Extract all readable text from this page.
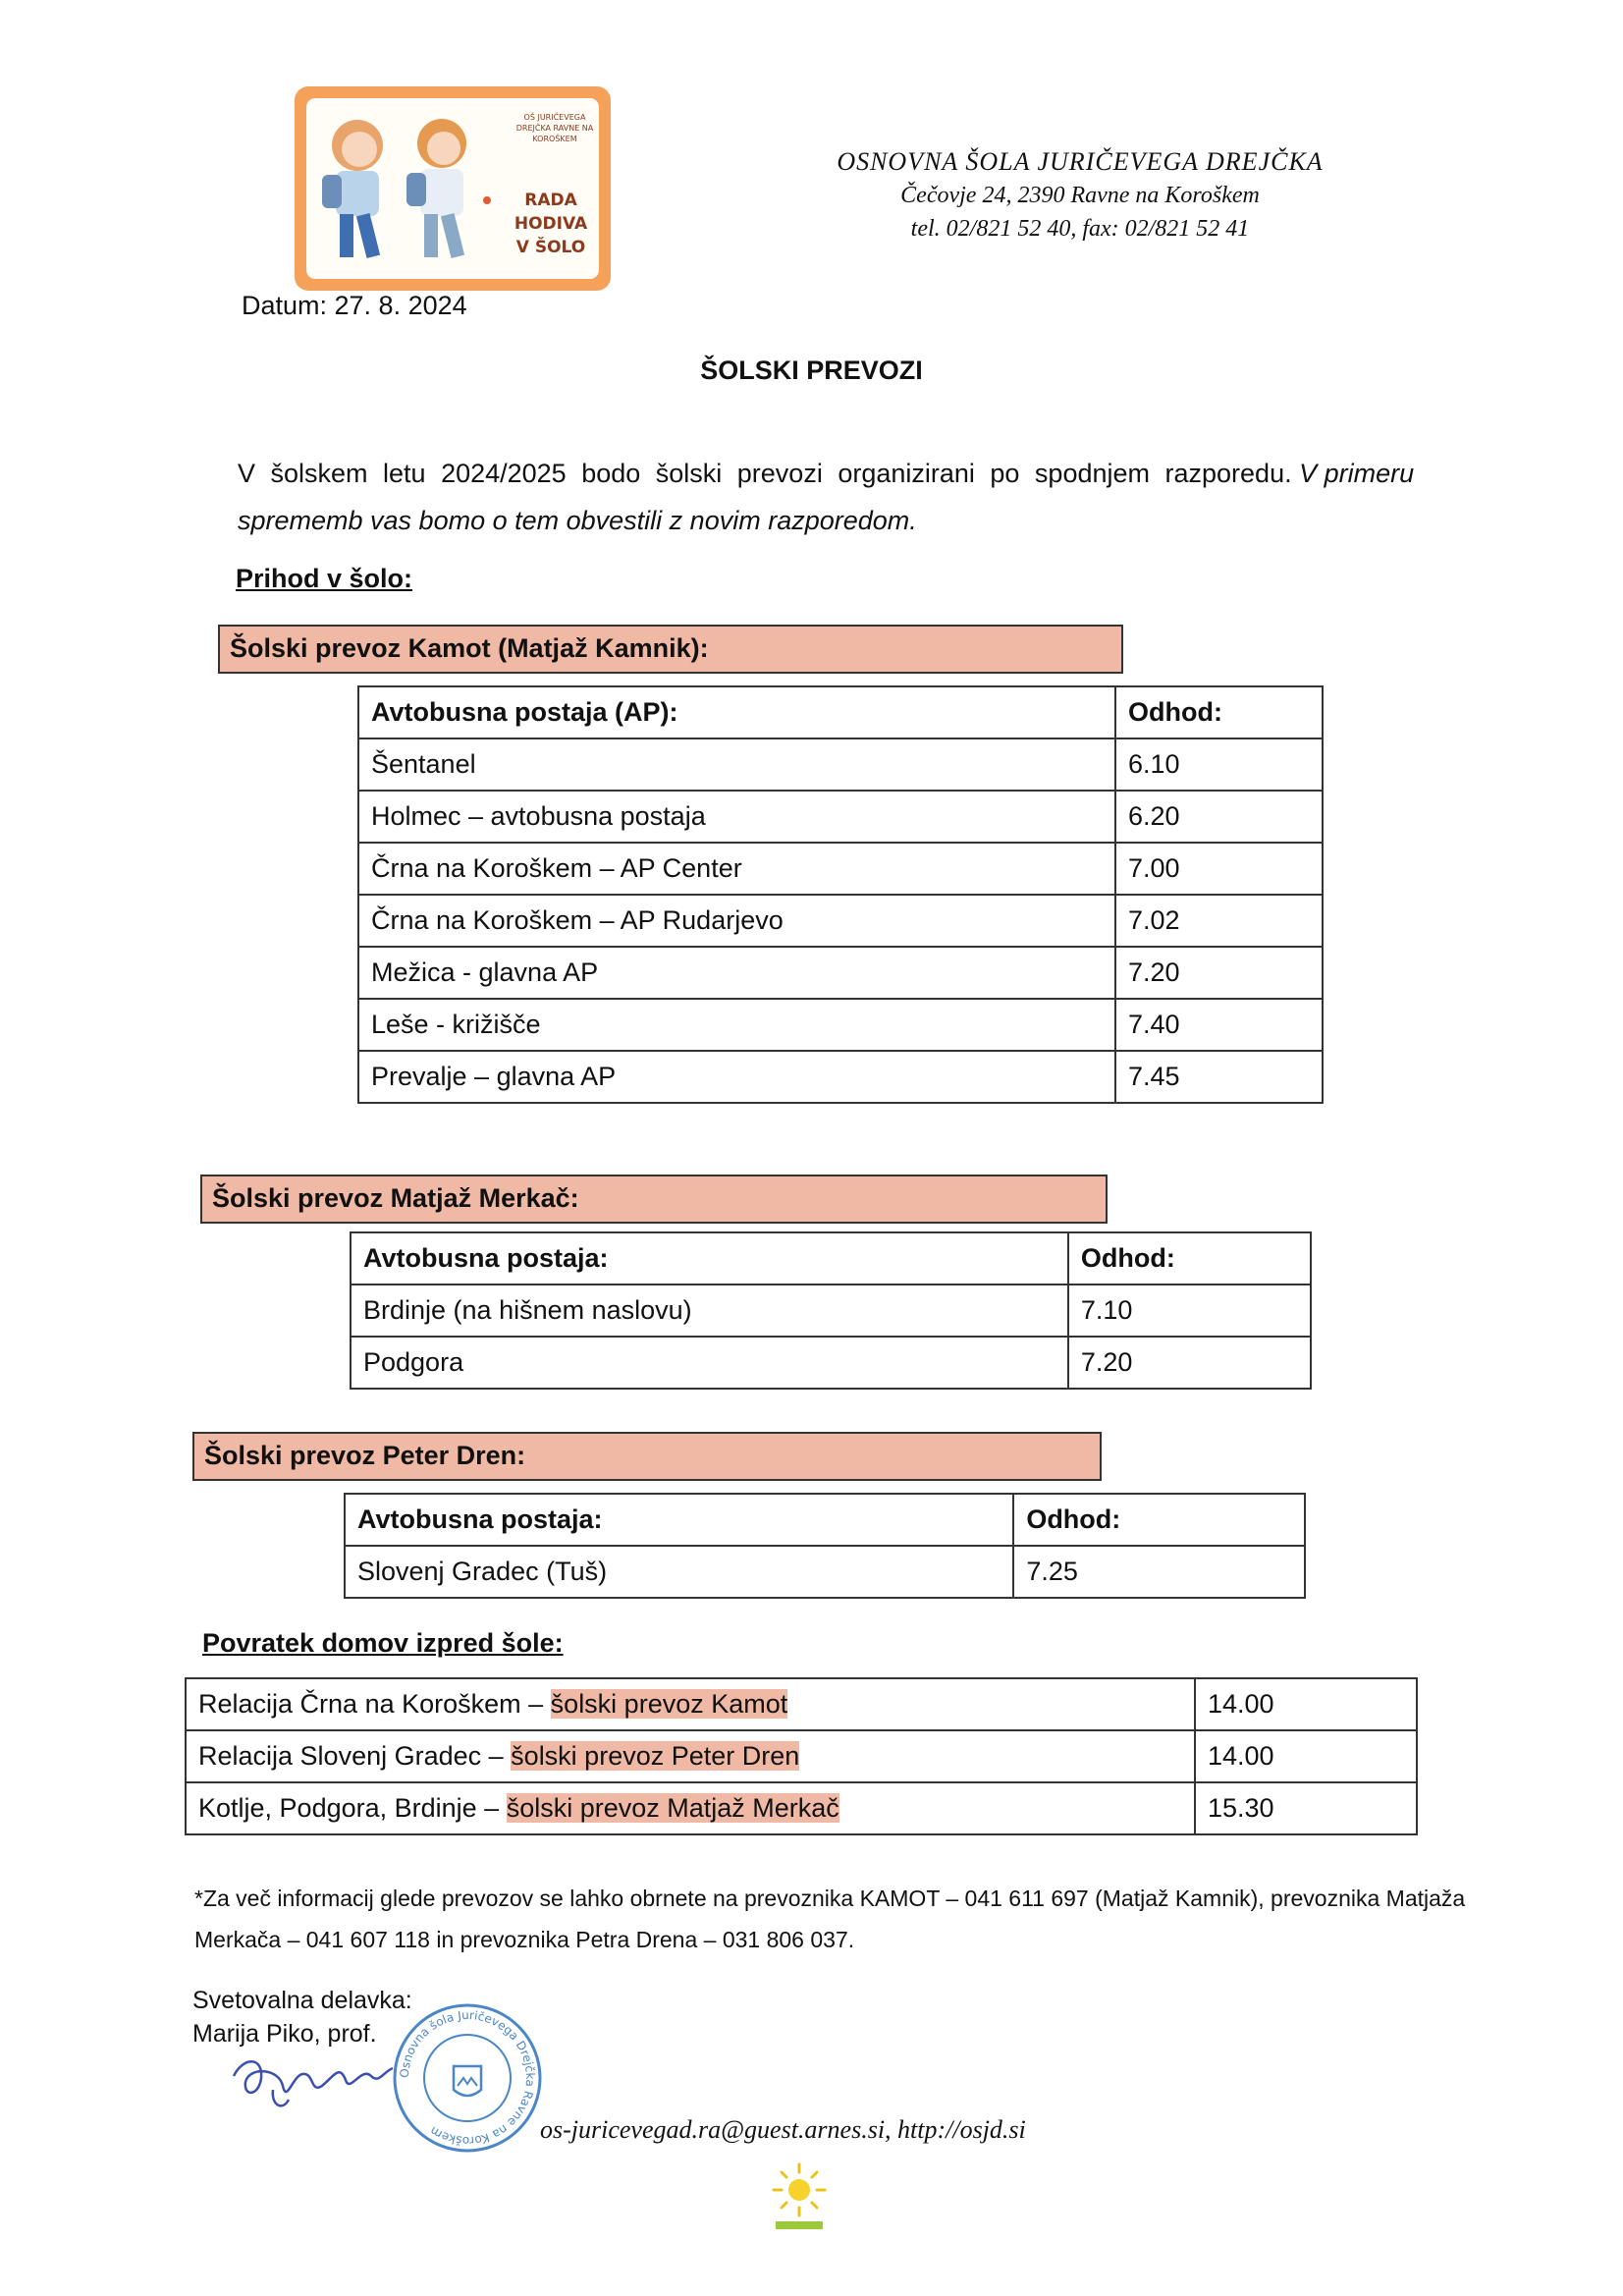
OŠ JURIČEVEGA DREJČKA RAVNE NA KOROŠKEM
RADA
HODIVA
V ŠOLO
OSNOVNA ŠOLA JURIČEVEGA DREJČKA
Čečovje 24, 2390 Ravne na Koroškem
tel. 02/821 52 40, fax: 02/821 52 41
Datum: 27. 8. 2024
ŠOLSKI PREVOZI
V šolskem letu 2024/2025 bodo šolski prevozi organizirani po spodnjem razporedu. V primeru sprememb vas bomo o tem obvestili z novim razporedom.
Prihod v šolo:
Šolski prevoz Kamot (Matjaž Kamnik):
Avtobusna postaja (AP):	Odhod:
Šentanel	6.10
Holmec – avtobusna postaja	6.20
Črna na Koroškem – AP Center	7.00
Črna na Koroškem – AP Rudarjevo	7.02
Mežica - glavna AP	7.20
Leše - križišče	7.40
Prevalje – glavna AP	7.45
Šolski prevoz Matjaž Merkač:
Avtobusna postaja:	Odhod:
Brdinje (na hišnem naslovu)	7.10
Podgora	7.20
Šolski prevoz Peter Dren:
Avtobusna postaja:	Odhod:
Slovenj Gradec (Tuš)	7.25
Povratek domov izpred šole:
Relacija Črna na Koroškem – šolski prevoz Kamot	14.00
Relacija Slovenj Gradec – šolski prevoz Peter Dren	14.00
Kotlje, Podgora, Brdinje – šolski prevoz Matjaž Merkač	15.30
*Za več informacij glede prevozov se lahko obrnete na prevoznika KAMOT – 041 611 697 (Matjaž Kamnik), prevoznika Matjaža Merkača – 041 607 118 in prevoznika Petra Drena – 031 806 037.
Svetovalna delavka:
Marija Piko, prof.
Osnovna šola Juričevega Drejčka Ravne na Koroškem	os-juricevegad.ra@guest.arnes.si, http://osjd.si
